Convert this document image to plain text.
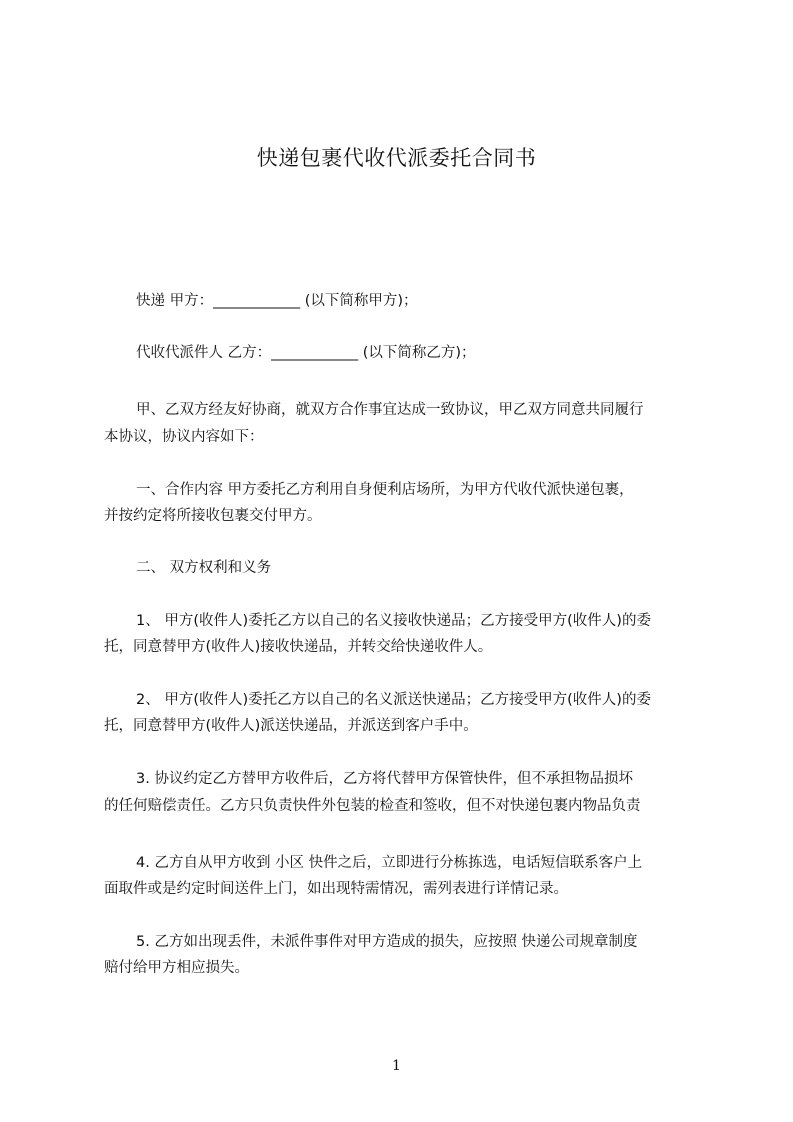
快递包裹代收代派委托合同书
快递 甲方：____________ (以下简称甲方)；
代收代派件人 乙方：____________ (以下简称乙方)；
甲、乙双方经友好协商，就双方合作事宜达成一致协议，甲乙双方同意共同履行
本协议，协议内容如下：
一、合作内容 甲方委托乙方利用自身便利店场所，为甲方代收代派快递包裹，
并按约定将所接收包裹交付甲方。
二、 双方权利和义务
1、 甲方(收件人)委托乙方以自己的名义接收快递品；乙方接受甲方(收件人)的委
托，同意替甲方(收件人)接收快递品，并转交给快递收件人。
2、 甲方(收件人)委托乙方以自己的名义派送快递品；乙方接受甲方(收件人)的委
托，同意替甲方(收件人)派送快递品，并派送到客户手中。
3. 协议约定乙方替甲方收件后，乙方将代替甲方保管快件，但不承担物品损坏
的任何赔偿责任。乙方只负责快件外包装的检查和签收，但不对快递包裹内物品负责
4. 乙方自从甲方收到 小区 快件之后，立即进行分栋拣选，电话短信联系客户上
面取件或是约定时间送件上门，如出现特需情况，需列表进行详情记录。
5. 乙方如出现丢件，未派件事件对甲方造成的损失，应按照 快递公司规章制度
赔付给甲方相应损失。
1
